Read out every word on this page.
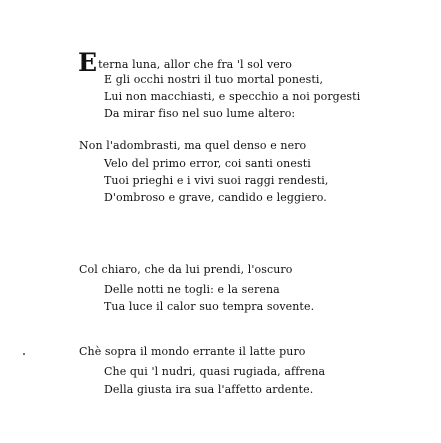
Eterna luna, allor che fra 'l sol vero
E gli occhi nostri il tuo mortal ponesti,
Lui non macchiasti, e specchio a noi porgesti
Da mirar fiso nel suo lume altero:
Non l'adombrasti, ma quel denso e nero
Velo del primo error, coi santi onesti
Tuoi prieghi e i vivi suoi raggi rendesti,
D'ombroso e grave, candido e leggiero.
Col chiaro, che da lui prendi, l'oscuro
Delle notti ne togli: e la serena
Tua luce il calor suo tempra sovente.
Chè sopra il mondo errante il latte puro
Che qui 'l nudri, quasi rugiada, affrena
Della giusta ira sua l'affetto ardente.
